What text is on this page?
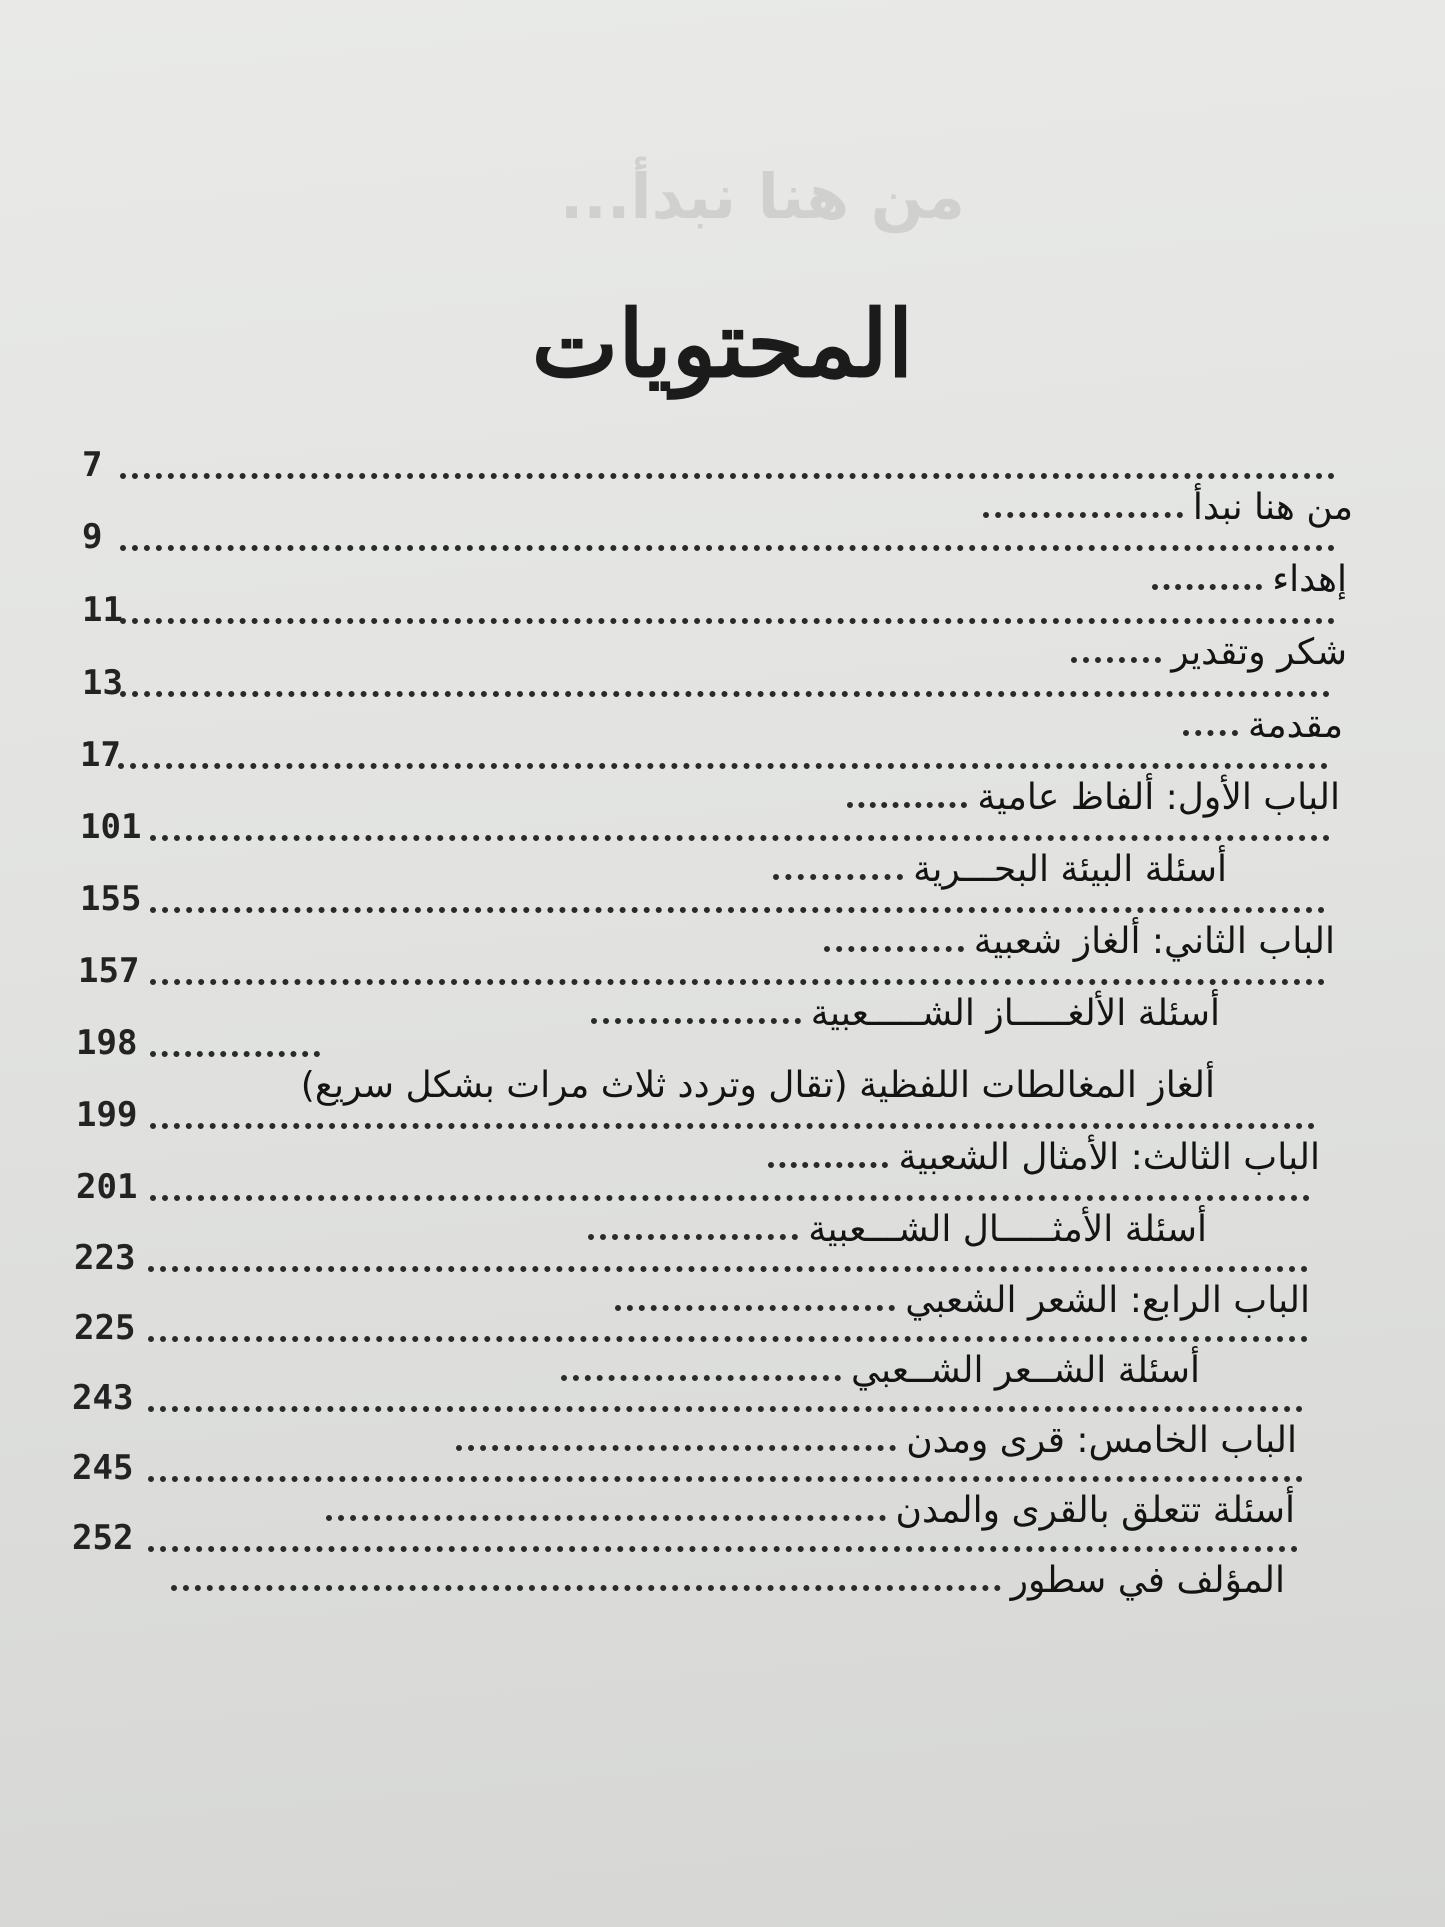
من هنا نبدأ...
المحتويات
7
من هنا نبدأ
9
إهداء
11
شكر وتقدير
13
مقدمة
17
الباب الأول: ألفاظ عامية
101
أسئلة البيئة البحـــرية
155
الباب الثاني: ألغاز شعبية
157
أسئلة الألغـــــاز الشـــــعبية
198
ألغاز المغالطات اللفظية (تقال وتردد ثلاث مرات بشكل سريع)
199
الباب الثالث: الأمثال الشعبية
201
أسئلة الأمثـــــال الشـــعبية
223
الباب الرابع: الشعر الشعبي
225
أسئلة الشــعر الشــعبي
243
الباب الخامس: قرى ومدن
245
أسئلة تتعلق بالقرى والمدن
252
المؤلف في سطور
